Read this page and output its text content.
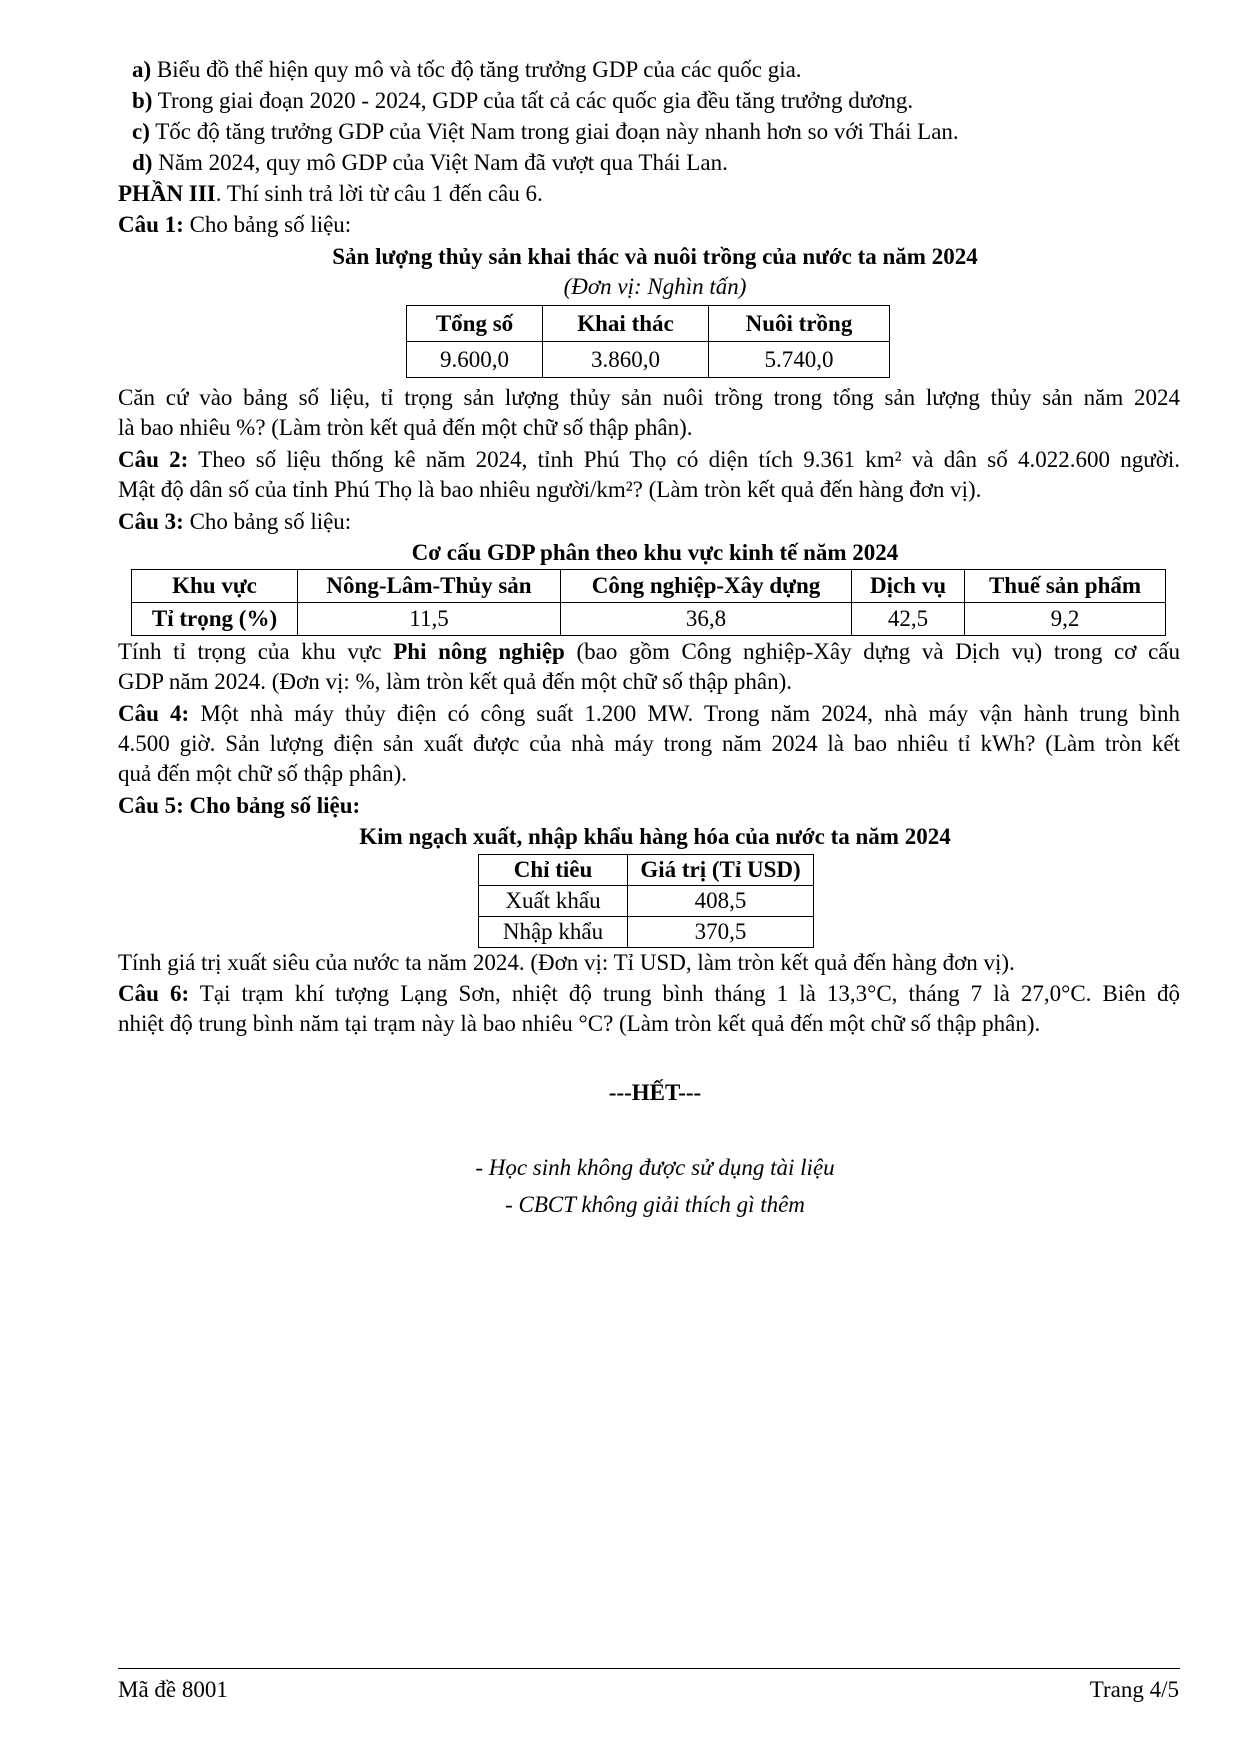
a) Biểu đồ thể hiện quy mô và tốc độ tăng trưởng GDP của các quốc gia.
b) Trong giai đoạn 2020 - 2024, GDP của tất cả các quốc gia đều tăng trưởng dương.
c) Tốc độ tăng trưởng GDP của Việt Nam trong giai đoạn này nhanh hơn so với Thái Lan.
d) Năm 2024, quy mô GDP của Việt Nam đã vượt qua Thái Lan.
PHẦN III. Thí sinh trả lời từ câu 1 đến câu 6.
Câu 1: Cho bảng số liệu:
Sản lượng thủy sản khai thác và nuôi trồng của nước ta năm 2024
(Đơn vị: Nghìn tấn)
Tổng số	Khai thác	Nuôi trồng
9.600,0	3.860,0	5.740,0
Căn cứ vào bảng số liệu, tỉ trọng sản lượng thủy sản nuôi trồng trong tổng sản lượng thủy sản năm 2024
là bao nhiêu %? (Làm tròn kết quả đến một chữ số thập phân).
Câu 2: Theo số liệu thống kê năm 2024, tỉnh Phú Thọ có diện tích 9.361 km² và dân số 4.022.600 người.
Mật độ dân số của tỉnh Phú Thọ là bao nhiêu người/km²? (Làm tròn kết quả đến hàng đơn vị).
Câu 3: Cho bảng số liệu:
Cơ cấu GDP phân theo khu vực kinh tế năm 2024
Khu vực	Nông-Lâm-Thủy sản	Công nghiệp-Xây dựng	Dịch vụ	Thuế sản phẩm
Tỉ trọng (%)	11,5	36,8	42,5	9,2
Tính tỉ trọng của khu vực Phi nông nghiệp (bao gồm Công nghiệp-Xây dựng và Dịch vụ) trong cơ cấu
GDP năm 2024. (Đơn vị: %, làm tròn kết quả đến một chữ số thập phân).
Câu 4: Một nhà máy thủy điện có công suất 1.200 MW. Trong năm 2024, nhà máy vận hành trung bình
4.500 giờ. Sản lượng điện sản xuất được của nhà máy trong năm 2024 là bao nhiêu tỉ kWh? (Làm tròn kết
quả đến một chữ số thập phân).
Câu 5: Cho bảng số liệu:
Kim ngạch xuất, nhập khẩu hàng hóa của nước ta năm 2024
Chỉ tiêu	Giá trị (Tỉ USD)
Xuất khẩu	408,5
Nhập khẩu	370,5
Tính giá trị xuất siêu của nước ta năm 2024. (Đơn vị: Tỉ USD, làm tròn kết quả đến hàng đơn vị).
Câu 6: Tại trạm khí tượng Lạng Sơn, nhiệt độ trung bình tháng 1 là 13,3°C, tháng 7 là 27,0°C. Biên độ
nhiệt độ trung bình năm tại trạm này là bao nhiêu °C? (Làm tròn kết quả đến một chữ số thập phân).
---HẾT---
- Học sinh không được sử dụng tài liệu
- CBCT không giải thích gì thêm
Mã đề 8001	Trang 4/5
